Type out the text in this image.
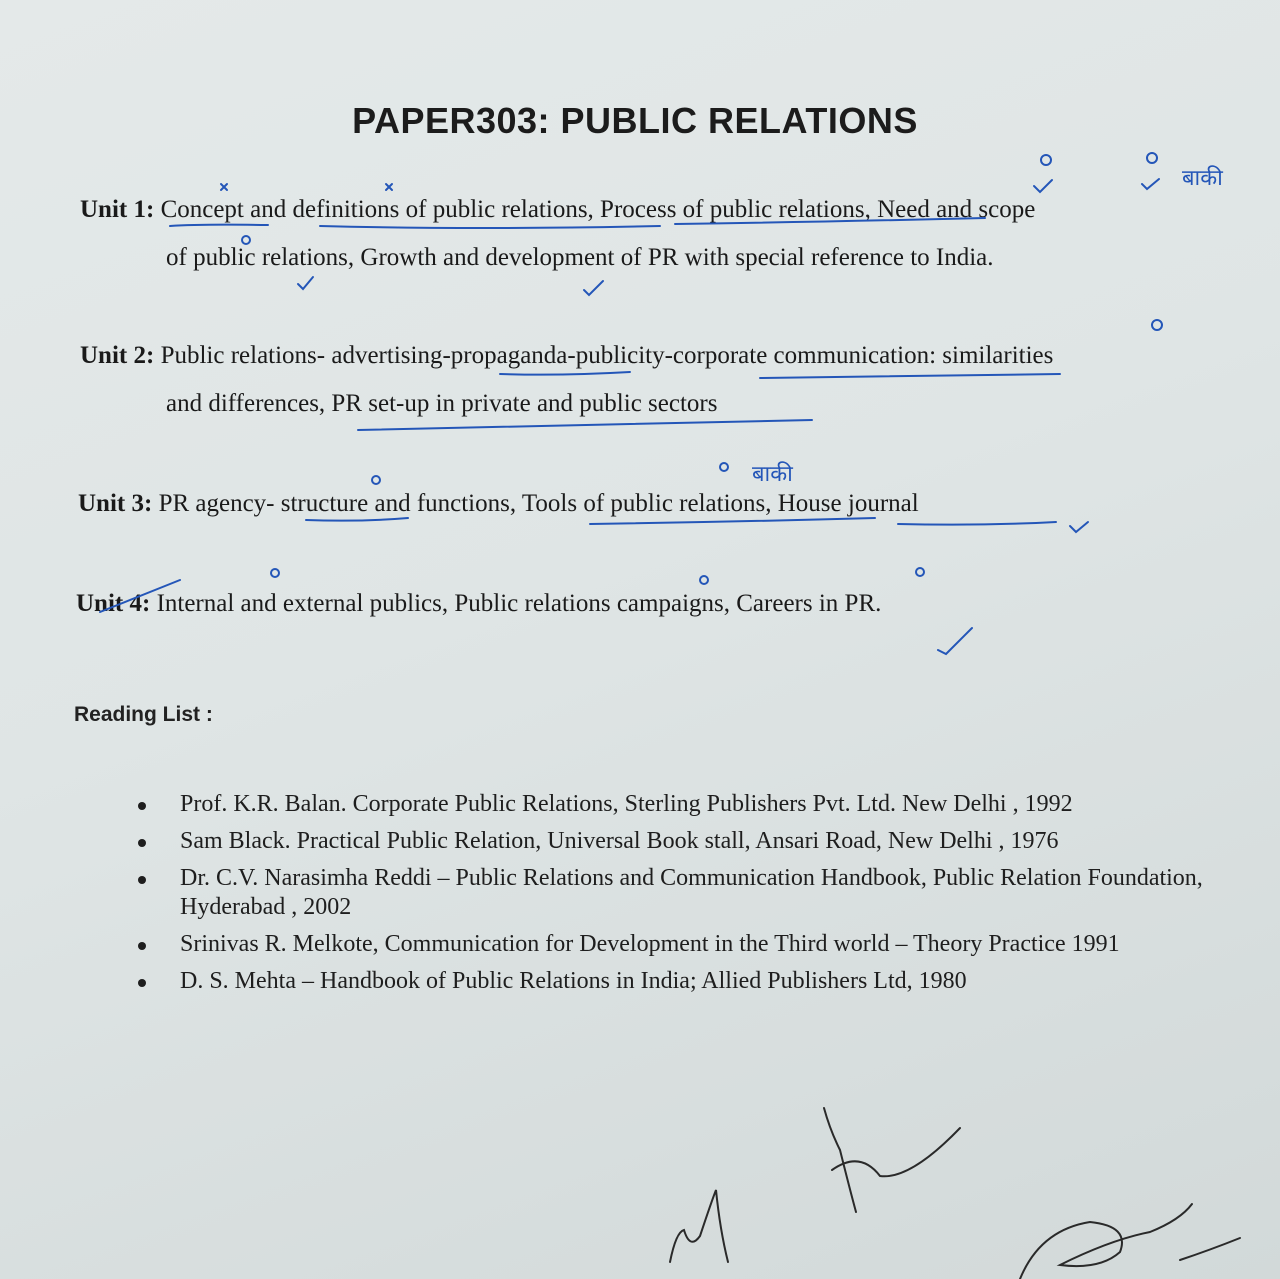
PAPER303: PUBLIC RELATIONS
Unit 1: Concept and definitions of public relations, Process of public relations, Need and scope
of public relations, Growth and development of PR with special reference to India.
Unit 2: Public relations- advertising-propaganda-publicity-corporate communication: similarities
and differences, PR set-up in private and public sectors
Unit 3: PR agency- structure and functions, Tools of public relations, House journal
Unit 4: Internal and external publics, Public relations campaigns, Careers in PR.
Reading List :
Prof. K.R. Balan. Corporate Public Relations, Sterling Publishers Pvt. Ltd. New Delhi , 1992
Sam Black. Practical Public Relation, Universal Book stall, Ansari Road, New Delhi , 1976
Dr. C.V. Narasimha Reddi – Public Relations and Communication Handbook, Public Relation Foundation, Hyderabad , 2002
Srinivas R. Melkote, Communication for Development in the Third world – Theory Practice 1991
D. S. Mehta – Handbook of Public Relations in India; Allied Publishers Ltd, 1980
बाकी
बाकी
